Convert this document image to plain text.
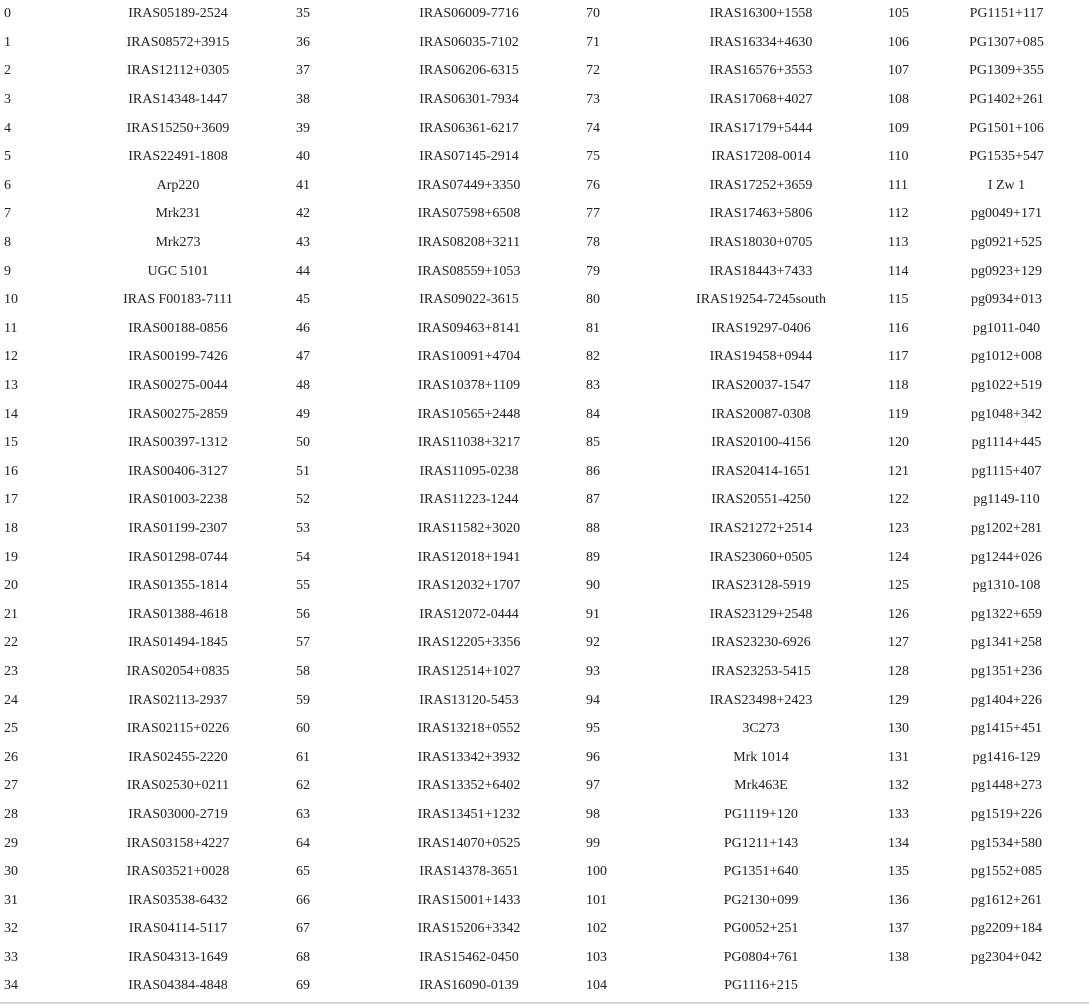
0	IRAS05189-2524	35	IRAS06009-7716	70	IRAS16300+1558	105	PG1151+117
1	IRAS08572+3915	36	IRAS06035-7102	71	IRAS16334+4630	106	PG1307+085
2	IRAS12112+0305	37	IRAS06206-6315	72	IRAS16576+3553	107	PG1309+355
3	IRAS14348-1447	38	IRAS06301-7934	73	IRAS17068+4027	108	PG1402+261
4	IRAS15250+3609	39	IRAS06361-6217	74	IRAS17179+5444	109	PG1501+106
5	IRAS22491-1808	40	IRAS07145-2914	75	IRAS17208-0014	110	PG1535+547
6	Arp220	41	IRAS07449+3350	76	IRAS17252+3659	111	I Zw 1
7	Mrk231	42	IRAS07598+6508	77	IRAS17463+5806	112	pg0049+171
8	Mrk273	43	IRAS08208+3211	78	IRAS18030+0705	113	pg0921+525
9	UGC 5101	44	IRAS08559+1053	79	IRAS18443+7433	114	pg0923+129
10	IRAS F00183-7111	45	IRAS09022-3615	80	IRAS19254-7245south	115	pg0934+013
11	IRAS00188-0856	46	IRAS09463+8141	81	IRAS19297-0406	116	pg1011-040
12	IRAS00199-7426	47	IRAS10091+4704	82	IRAS19458+0944	117	pg1012+008
13	IRAS00275-0044	48	IRAS10378+1109	83	IRAS20037-1547	118	pg1022+519
14	IRAS00275-2859	49	IRAS10565+2448	84	IRAS20087-0308	119	pg1048+342
15	IRAS00397-1312	50	IRAS11038+3217	85	IRAS20100-4156	120	pg1114+445
16	IRAS00406-3127	51	IRAS11095-0238	86	IRAS20414-1651	121	pg1115+407
17	IRAS01003-2238	52	IRAS11223-1244	87	IRAS20551-4250	122	pg1149-110
18	IRAS01199-2307	53	IRAS11582+3020	88	IRAS21272+2514	123	pg1202+281
19	IRAS01298-0744	54	IRAS12018+1941	89	IRAS23060+0505	124	pg1244+026
20	IRAS01355-1814	55	IRAS12032+1707	90	IRAS23128-5919	125	pg1310-108
21	IRAS01388-4618	56	IRAS12072-0444	91	IRAS23129+2548	126	pg1322+659
22	IRAS01494-1845	57	IRAS12205+3356	92	IRAS23230-6926	127	pg1341+258
23	IRAS02054+0835	58	IRAS12514+1027	93	IRAS23253-5415	128	pg1351+236
24	IRAS02113-2937	59	IRAS13120-5453	94	IRAS23498+2423	129	pg1404+226
25	IRAS02115+0226	60	IRAS13218+0552	95	3C273	130	pg1415+451
26	IRAS02455-2220	61	IRAS13342+3932	96	Mrk 1014	131	pg1416-129
27	IRAS02530+0211	62	IRAS13352+6402	97	Mrk463E	132	pg1448+273
28	IRAS03000-2719	63	IRAS13451+1232	98	PG1119+120	133	pg1519+226
29	IRAS03158+4227	64	IRAS14070+0525	99	PG1211+143	134	pg1534+580
30	IRAS03521+0028	65	IRAS14378-3651	100	PG1351+640	135	pg1552+085
31	IRAS03538-6432	66	IRAS15001+1433	101	PG2130+099	136	pg1612+261
32	IRAS04114-5117	67	IRAS15206+3342	102	PG0052+251	137	pg2209+184
33	IRAS04313-1649	68	IRAS15462-0450	103	PG0804+761	138	pg2304+042
34	IRAS04384-4848	69	IRAS16090-0139	104	PG1116+215		
